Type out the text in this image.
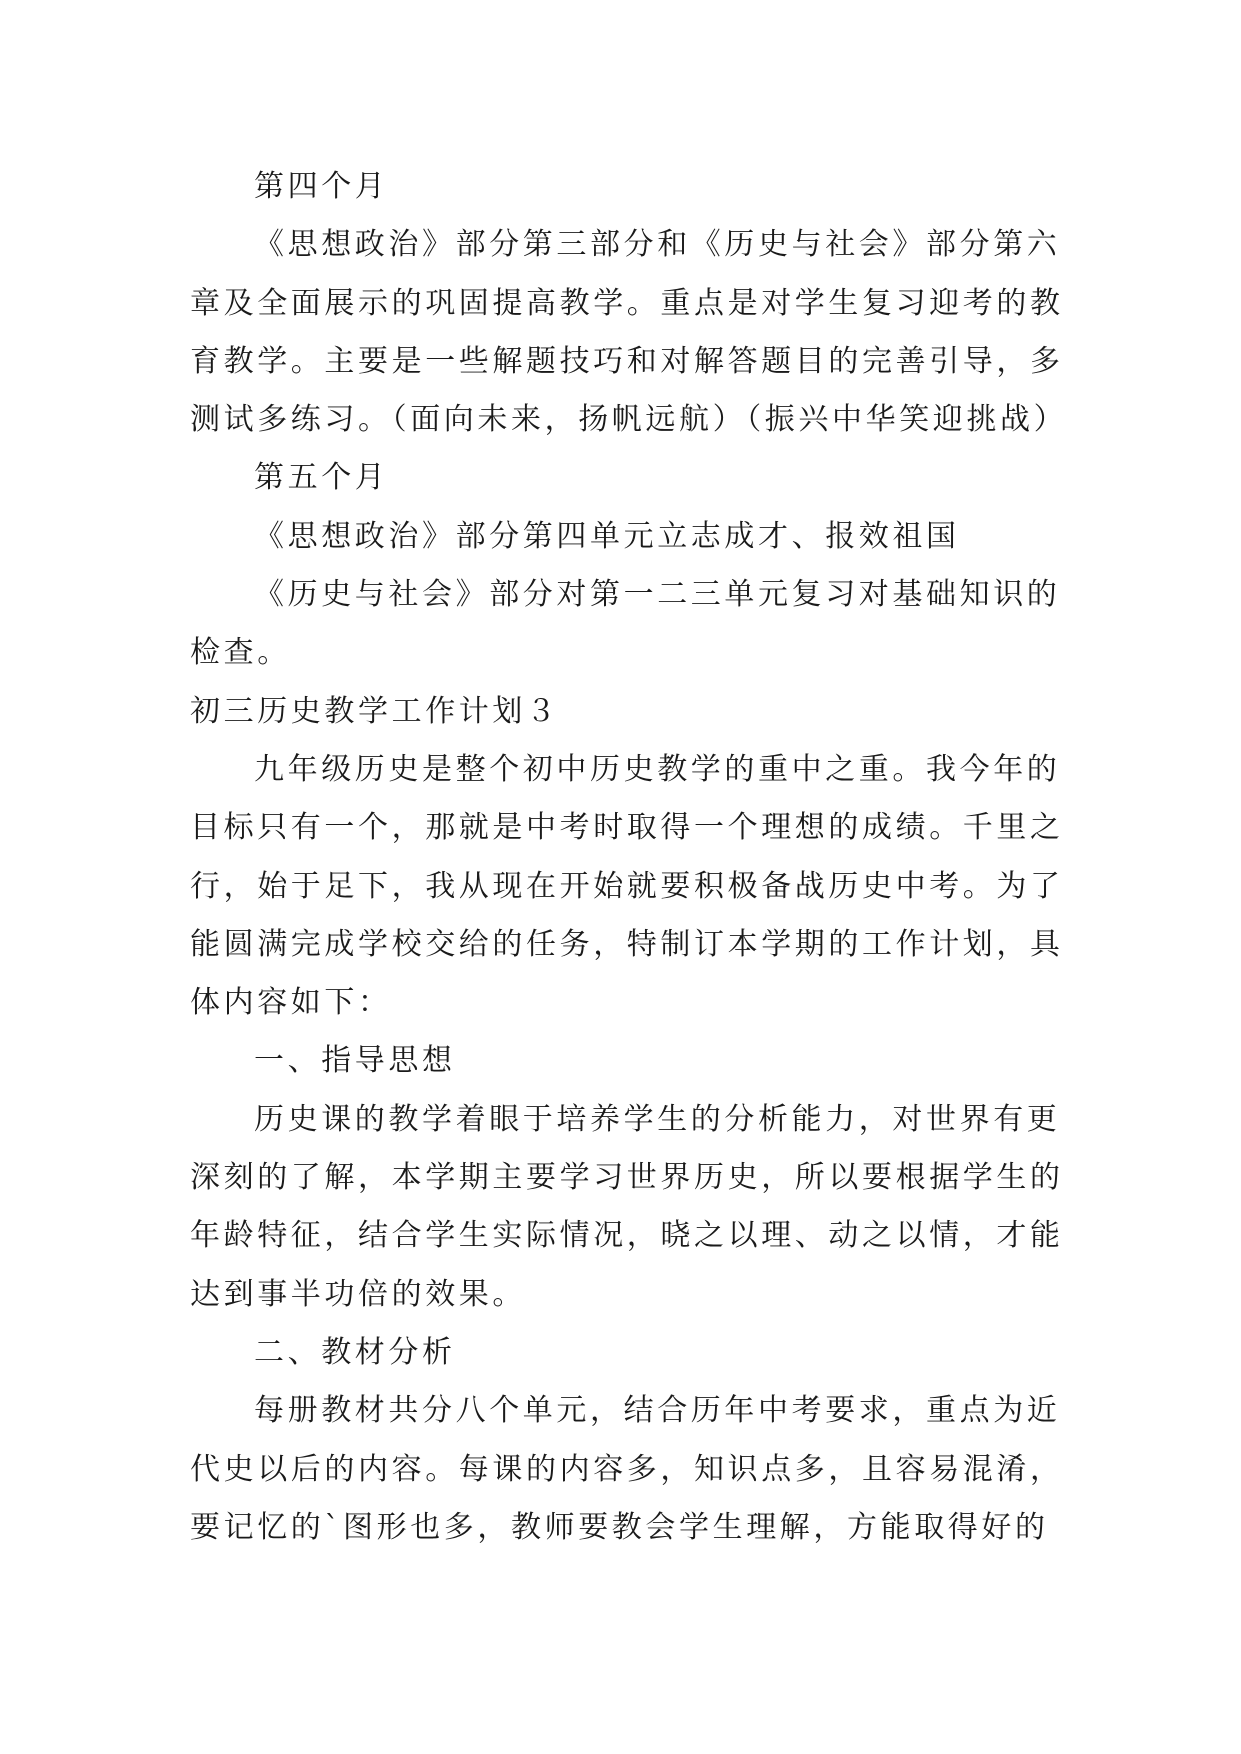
第四个月
《思想政治》部分第三部分和《历史与社会》部分第六
章及全面展示的巩固提高教学。重点是对学生复习迎考的教
育教学。主要是一些解题技巧和对解答题目的完善引导，多
测试多练习。（面向未来，扬帆远航）（振兴中华笑迎挑战）
第五个月
《思想政治》部分第四单元立志成才、报效祖国
《历史与社会》部分对第一二三单元复习对基础知识的
检查。
初三历史教学工作计划３
九年级历史是整个初中历史教学的重中之重。我今年的
目标只有一个，那就是中考时取得一个理想的成绩。千里之
行，始于足下，我从现在开始就要积极备战历史中考。为了
能圆满完成学校交给的任务，特制订本学期的工作计划，具
体内容如下：
一、指导思想
历史课的教学着眼于培养学生的分析能力，对世界有更
深刻的了解，本学期主要学习世界历史，所以要根据学生的
年龄特征，结合学生实际情况，晓之以理、动之以情，才能
达到事半功倍的效果。
二、教材分析
每册教材共分八个单元，结合历年中考要求，重点为近
代史以后的内容。每课的内容多，知识点多，且容易混淆，
要记忆的`图形也多，教师要教会学生理解，方能取得好的
